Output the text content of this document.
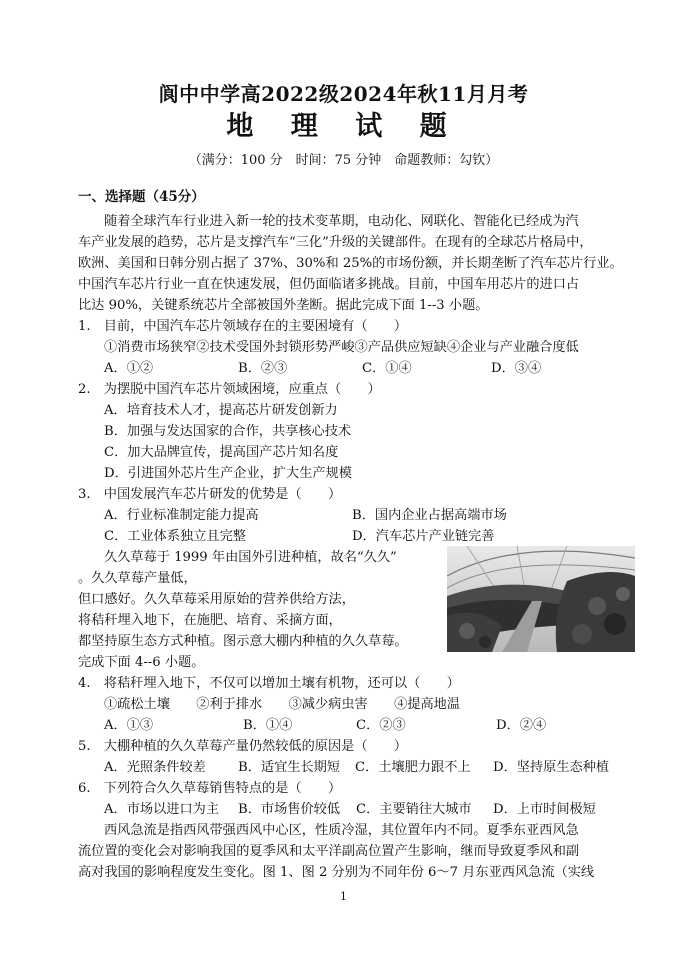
阆中中学高2022级2024年秋11月月考
地 理 试 题
（满分：100 分　时间：75 分钟　命题教师：勾钦）
一、选择题（45分）
随着全球汽车行业进入新一轮的技术变革期，电动化、网联化、智能化已经成为汽
车产业发展的趋势，芯片是支撑汽车“三化”升级的关键部件。在现有的全球芯片格局中，
欧洲、美国和日韩分别占据了 37%、30%和 25%的市场份额，并长期垄断了汽车芯片行业。
中国汽车芯片行业一直在快速发展，但仍面临诸多挑战。目前，中国车用芯片的进口占
比达 90%，关键系统芯片全部被国外垄断。据此完成下面 1--3 小题。
1.　目前，中国汽车芯片领域存在的主要困境有（　　）
①消费市场狭窄②技术受国外封锁形势严峻③产品供应短缺④企业与产业融合度低
A．①②	B．②③	C．①④	D．③④
2.　为摆脱中国汽车芯片领域困境，应重点（　　）
A．培育技术人才，提高芯片研发创新力
B．加强与发达国家的合作，共享核心技术
C．加大品牌宣传，提高国产芯片知名度
D．引进国外芯片生产企业，扩大生产规模
3.　中国发展汽车芯片研发的优势是（　　）
A．行业标准制定能力提高	B．国内企业占据高端市场
C．工业体系独立且完整	D．汽车芯片产业链完善
久久草莓于 1999 年由国外引进种植，故名“久久”
。久久草莓产量低，
但口感好。久久草莓采用原始的营养供给方法，
将秸秆埋入地下，在施肥、培育、采摘方面，
都坚持原生态方式种植。图示意大棚内种植的久久草莓。
完成下面 4--6 小题。
4.　将秸秆埋入地下，不仅可以增加土壤有机物，还可以（　　）
①疏松土壤　　②利于排水　　③减少病虫害　　④提高地温
A．①③	B．①④	C．②③	D．②④
5.　大棚种植的久久草莓产量仍然较低的原因是（　　）
A．光照条件较差 B．适宜生长期短 C．土壤肥力跟不上 D．坚持原生态种植
6.　下列符合久久草莓销售特点的是（　　）
A．市场以进口为主 B．市场售价较低 C．主要销往大城市 D．上市时间极短
西风急流是指西风带强西风中心区，性质冷湿，其位置年内不同。夏季东亚西风急
流位置的变化会对影响我国的夏季风和太平洋副高位置产生影响，继而导致夏季风和副
高对我国的影响程度发生变化。图 1、图 2 分别为不同年份 6～7 月东亚西风急流（实线
1
